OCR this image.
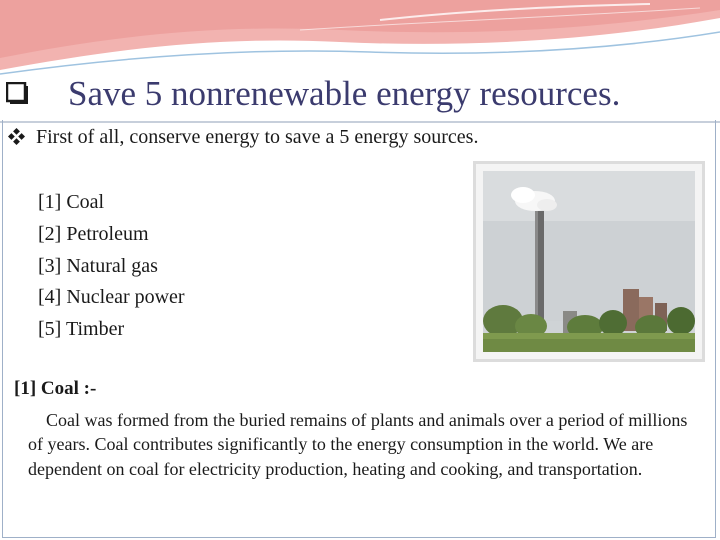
Save 5 nonrenewable energy resources.
First of all, conserve energy to save a 5 energy sources.
[1] Coal
[2] Petroleum
[3] Natural gas
[4] Nuclear power
[5] Timber
[1] Coal :-
Coal was formed from the buried remains of plants and animals over a period of millions of years. Coal contributes significantly to the energy consumption in the world. We are dependent on coal for electricity production, heating and cooking, and transportation.
